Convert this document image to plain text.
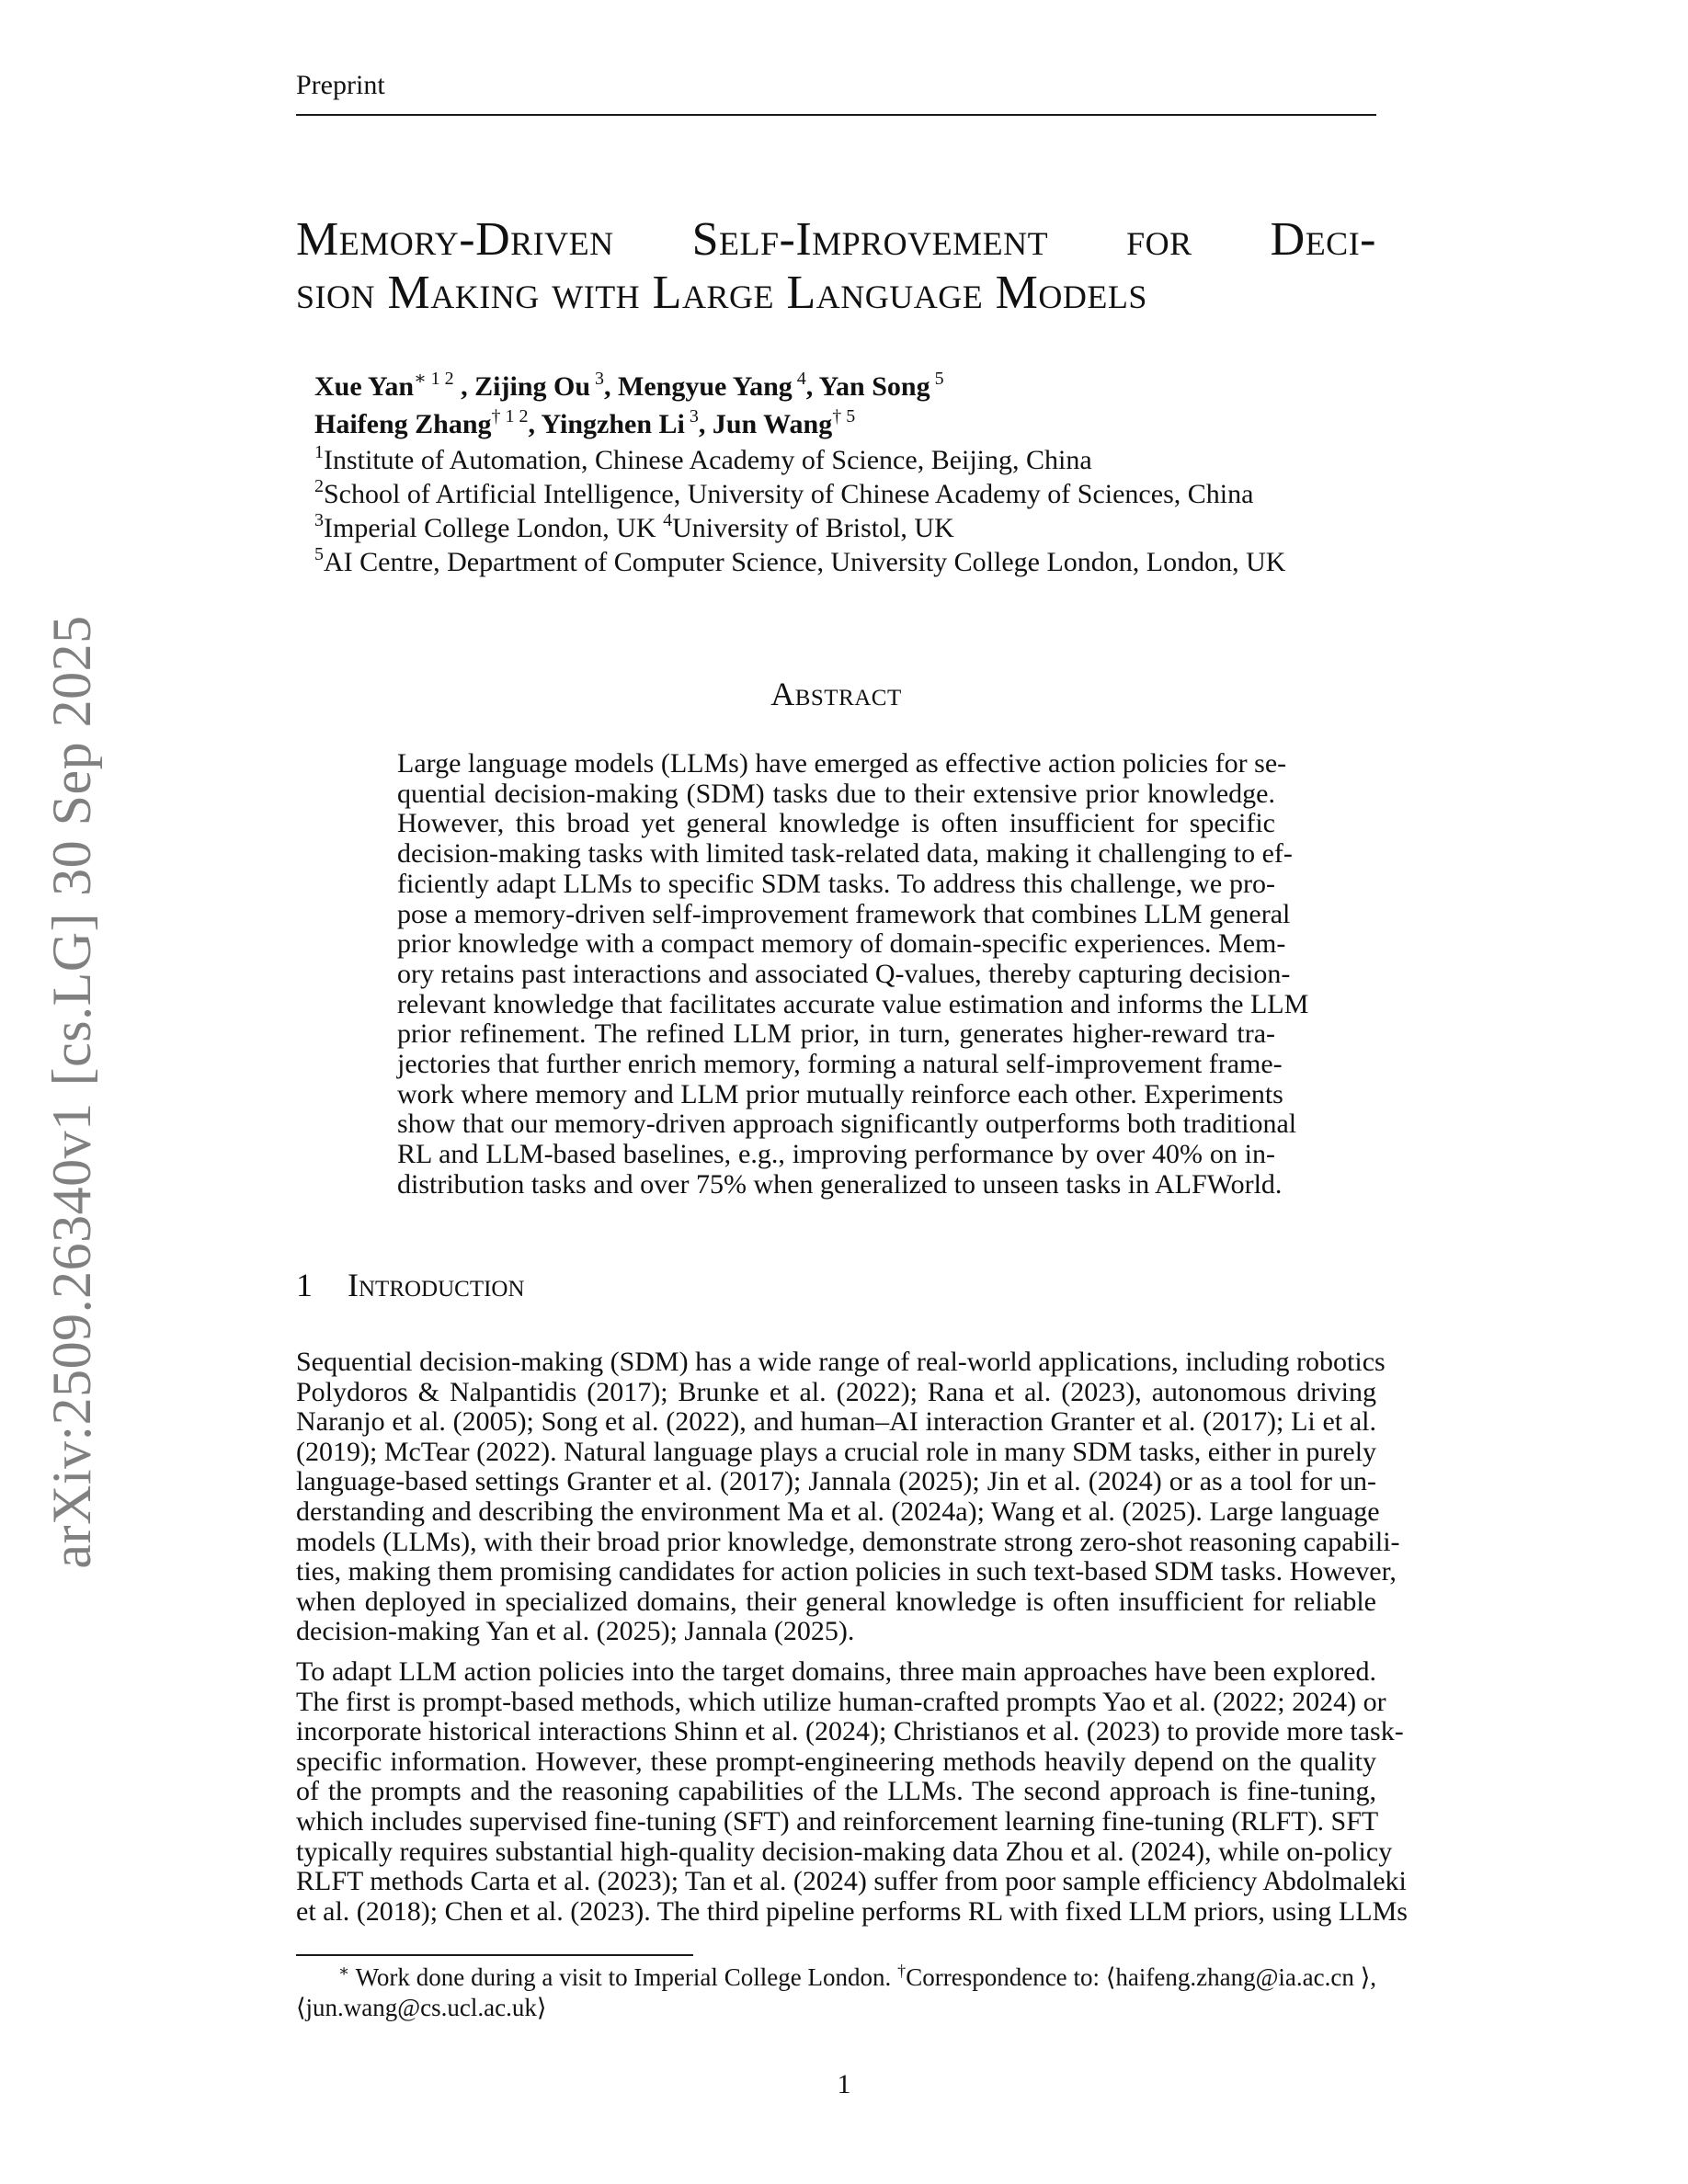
Preprint
Memory-Driven Self-Improvement for Deci-
sion Making with Large Language Models
Xue Yan$^{∗ 1 2}$ , Zijing Ou $^3$, Mengyue Yang $^4$, Yan Song $^5$
Haifeng Zhang$^{\dagger 1 2}$, Yingzhen Li $^3$, Jun Wang$^{\dagger 5}$
$^1$Institute of Automation, Chinese Academy of Science, Beijing, China
$^2$School of Artificial Intelligence, University of Chinese Academy of Sciences, China
$^3$Imperial College London, UK $^4$University of Bristol, UK
$^5$AI Centre, Department of Computer Science, University College London, London, UK
Abstract
Large language models (LLMs) have emerged as effective action policies for se-
quential decision-making (SDM) tasks due to their extensive prior knowledge.
However, this broad yet general knowledge is often insufficient for specific
decision-making tasks with limited task-related data, making it challenging to ef-
ficiently adapt LLMs to specific SDM tasks. To address this challenge, we pro-
pose a memory-driven self-improvement framework that combines LLM general
prior knowledge with a compact memory of domain-specific experiences. Mem-
ory retains past interactions and associated Q-values, thereby capturing decision-
relevant knowledge that facilitates accurate value estimation and informs the LLM
prior refinement. The refined LLM prior, in turn, generates higher-reward tra-
jectories that further enrich memory, forming a natural self-improvement frame-
work where memory and LLM prior mutually reinforce each other. Experiments
show that our memory-driven approach significantly outperforms both traditional
RL and LLM-based baselines, e.g., improving performance by over 40% on in-
distribution tasks and over 75% when generalized to unseen tasks in ALFWorld.
1 Introduction
Sequential decision-making (SDM) has a wide range of real-world applications, including robotics
Polydoros & Nalpantidis (2017); Brunke et al. (2022); Rana et al. (2023), autonomous driving
Naranjo et al. (2005); Song et al. (2022), and human–AI interaction Granter et al. (2017); Li et al.
(2019); McTear (2022). Natural language plays a crucial role in many SDM tasks, either in purely
language-based settings Granter et al. (2017); Jannala (2025); Jin et al. (2024) or as a tool for un-
derstanding and describing the environment Ma et al. (2024a); Wang et al. (2025). Large language
models (LLMs), with their broad prior knowledge, demonstrate strong zero-shot reasoning capabili-
ties, making them promising candidates for action policies in such text-based SDM tasks. However,
when deployed in specialized domains, their general knowledge is often insufficient for reliable
decision-making Yan et al. (2025); Jannala (2025).
To adapt LLM action policies into the target domains, three main approaches have been explored.
The first is prompt-based methods, which utilize human-crafted prompts Yao et al. (2022; 2024) or
incorporate historical interactions Shinn et al. (2024); Christianos et al. (2023) to provide more task-
specific information. However, these prompt-engineering methods heavily depend on the quality
of the prompts and the reasoning capabilities of the LLMs. The second approach is fine-tuning,
which includes supervised fine-tuning (SFT) and reinforcement learning fine-tuning (RLFT). SFT
typically requires substantial high-quality decision-making data Zhou et al. (2024), while on-policy
RLFT methods Carta et al. (2023); Tan et al. (2024) suffer from poor sample efficiency Abdolmaleki
et al. (2018); Chen et al. (2023). The third pipeline performs RL with fixed LLM priors, using LLMs
∗ Work done during a visit to Imperial College London. †Correspondence to: ⟨haifeng.zhang@ia.ac.cn ⟩,
⟨jun.wang@cs.ucl.ac.uk⟩
1
arXiv:2509.26340v1[cs.LG]30 Sep 2025
